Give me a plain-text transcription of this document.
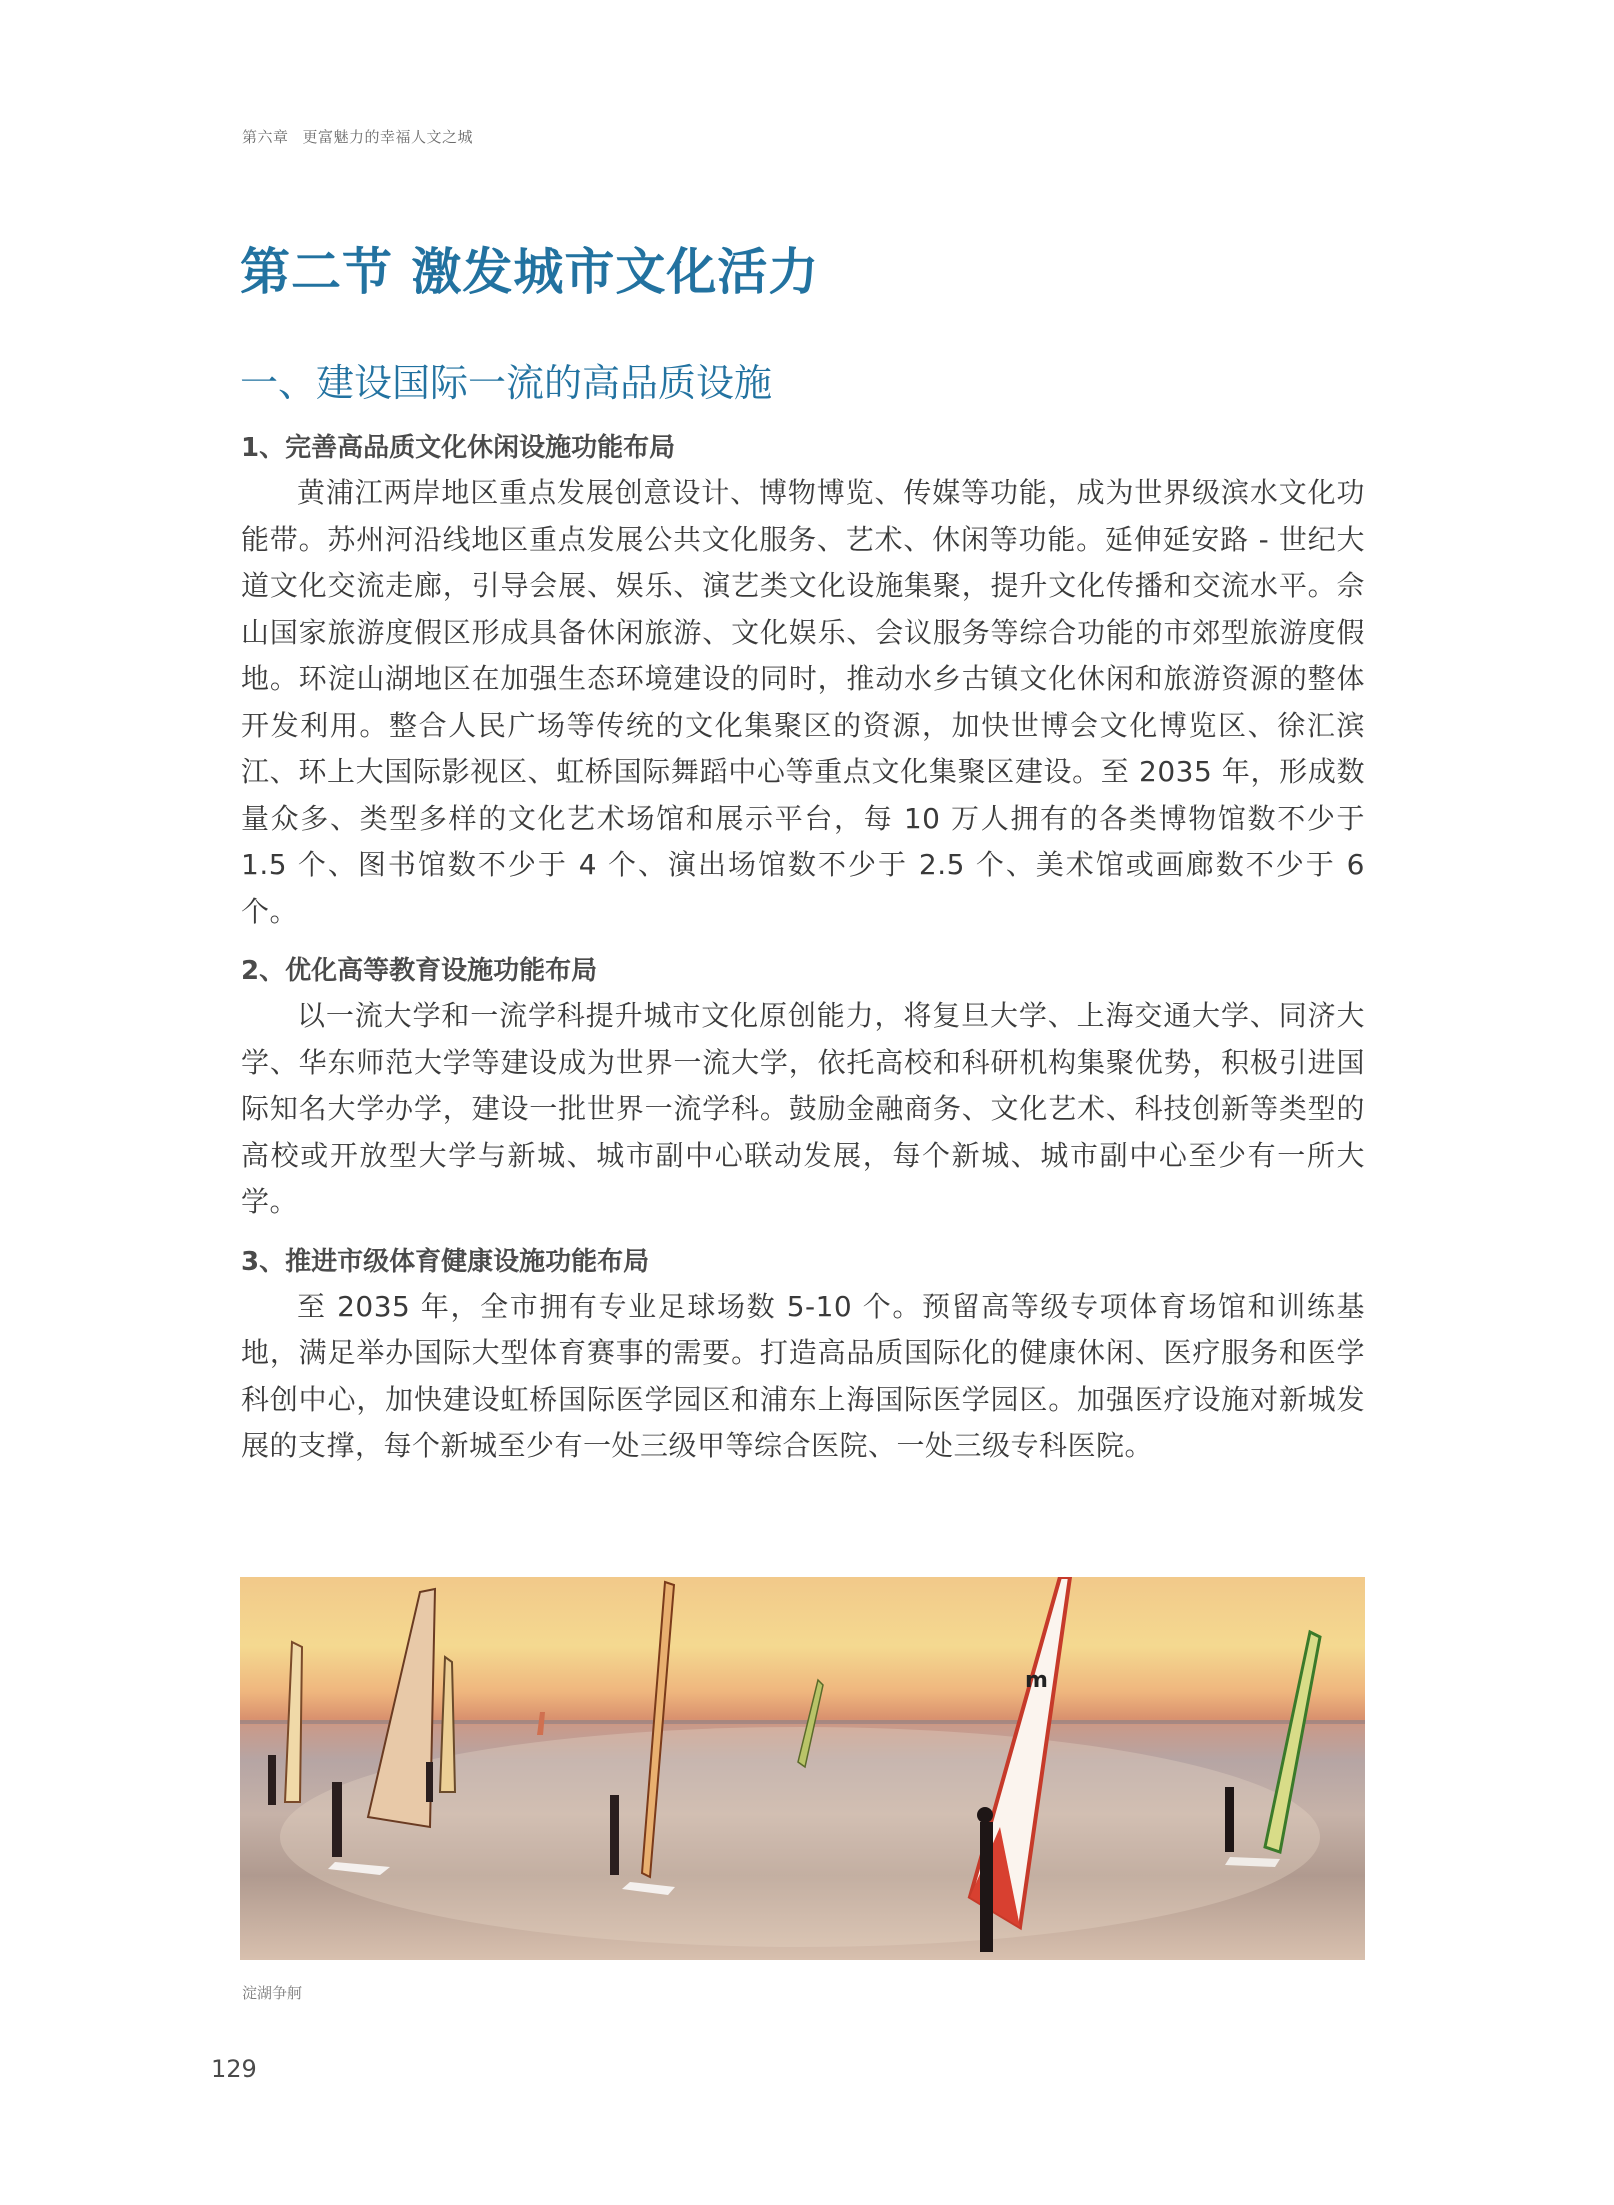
第六章 更富魅力的幸福人文之城
第二节 激发城市文化活力
一、建设国际一流的高品质设施
1、完善高品质文化休闲设施功能布局

黄浦江两岸地区重点发展创意设计、博物博览、传媒等功能，成为世界级滨水文化功能带。苏州河沿线地区重点发展公共文化服务、艺术、休闲等功能。延伸延安路 - 世纪大道文化交流走廊，引导会展、娱乐、演艺类文化设施集聚，提升文化传播和交流水平。佘山国家旅游度假区形成具备休闲旅游、文化娱乐、会议服务等综合功能的市郊型旅游度假地。环淀山湖地区在加强生态环境建设的同时，推动水乡古镇文化休闲和旅游资源的整体开发利用。整合人民广场等传统的文化集聚区的资源，加快世博会文化博览区、徐汇滨江、环上大国际影视区、虹桥国际舞蹈中心等重点文化集聚区建设。至 2035 年，形成数量众多、类型多样的文化艺术场馆和展示平台，每 10 万人拥有的各类博物馆数不少于 1.5 个、图书馆数不少于 4 个、演出场馆数不少于 2.5 个、美术馆或画廊数不少于 6 个。

2、优化高等教育设施功能布局

以一流大学和一流学科提升城市文化原创能力，将复旦大学、上海交通大学、同济大学、华东师范大学等建设成为世界一流大学，依托高校和科研机构集聚优势，积极引进国际知名大学办学，建设一批世界一流学科。鼓励金融商务、文化艺术、科技创新等类型的高校或开放型大学与新城、城市副中心联动发展，每个新城、城市副中心至少有一所大学。

3、推进市级体育健康设施功能布局

至 2035 年，全市拥有专业足球场数 5-10 个。预留高等级专项体育场馆和训练基地，满足举办国际大型体育赛事的需要。打造高品质国际化的健康休闲、医疗服务和医学科创中心，加快建设虹桥国际医学园区和浦东上海国际医学园区。加强医疗设施对新城发展的支撑，每个新城至少有一处三级甲等综合医院、一处三级专科医院。

m
淀湖争舸
129
